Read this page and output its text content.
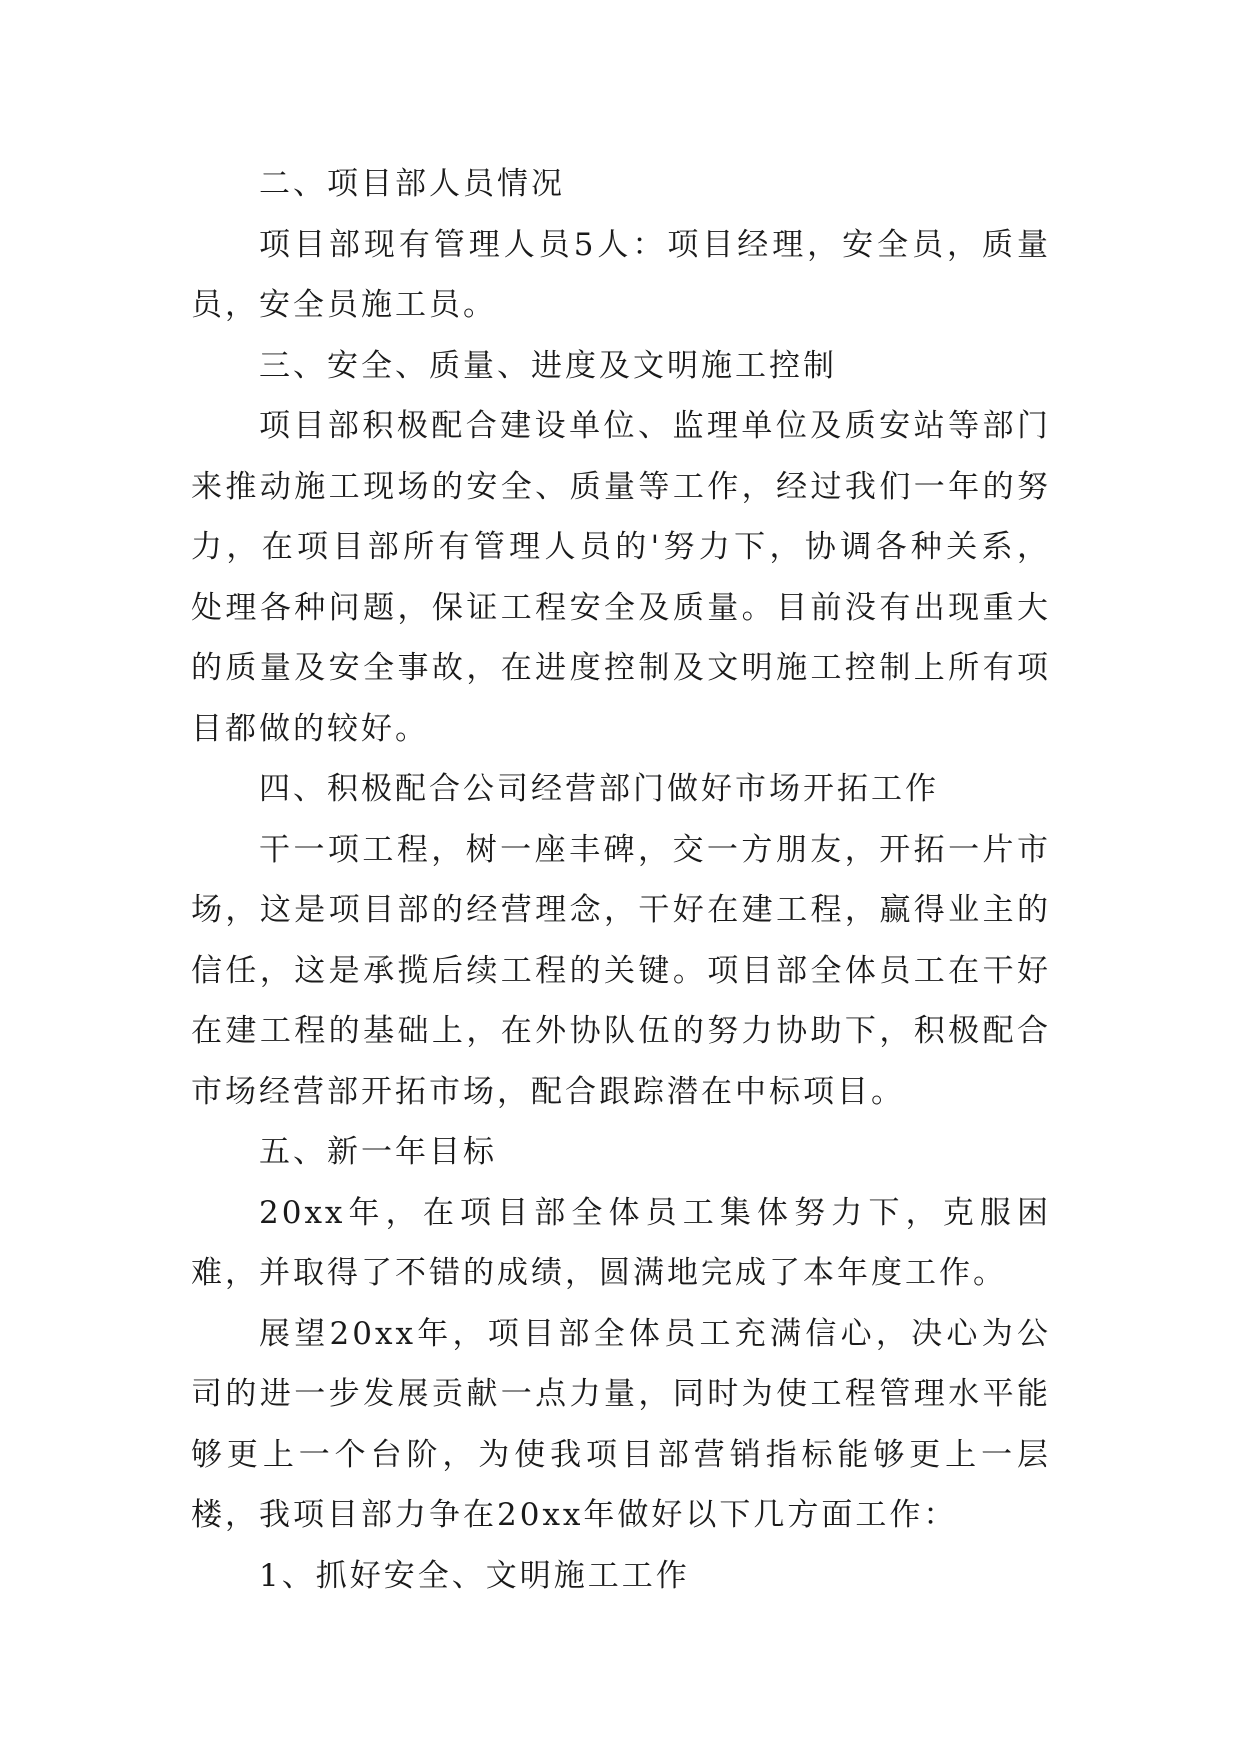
二、项目部人员情况

项目部现有管理人员5人：项目经理，安全员，质量员，安全员施工员。

三、安全、质量、进度及文明施工控制

项目部积极配合建设单位、监理单位及质安站等部门来推动施工现场的安全、质量等工作，经过我们一年的努力，在项目部所有管理人员的'努力下，协调各种关系，处理各种问题，保证工程安全及质量。目前没有出现重大的质量及安全事故，在进度控制及文明施工控制上所有项目都做的较好。

四、积极配合公司经营部门做好市场开拓工作

干一项工程，树一座丰碑，交一方朋友，开拓一片市场，这是项目部的经营理念，干好在建工程，赢得业主的信任，这是承揽后续工程的关键。项目部全体员工在干好在建工程的基础上，在外协队伍的努力协助下，积极配合市场经营部开拓市场，配合跟踪潜在中标项目。

五、新一年目标

20xx年，在项目部全体员工集体努力下，克服困难，并取得了不错的成绩，圆满地完成了本年度工作。

展望20xx年，项目部全体员工充满信心，决心为公司的进一步发展贡献一点力量，同时为使工程管理水平能够更上一个台阶，为使我项目部营销指标能够更上一层楼，我项目部力争在20xx年做好以下几方面工作：

1、抓好安全、文明施工工作
